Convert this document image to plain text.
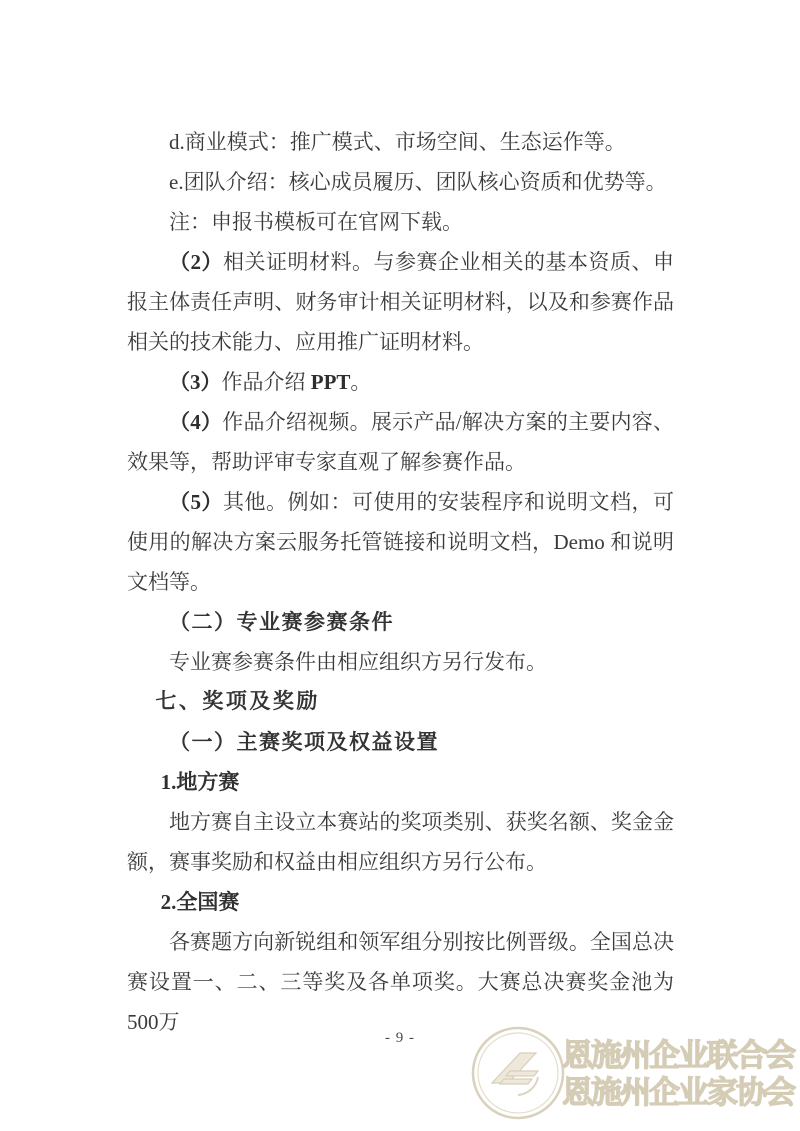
d.商业模式：推广模式、市场空间、生态运作等。

e.团队介绍：核心成员履历、团队核心资质和优势等。

注：申报书模板可在官网下载。

（2）相关证明材料。与参赛企业相关的基本资质、申报主体责任声明、财务审计相关证明材料，以及和参赛作品相关的技术能力、应用推广证明材料。

（3）作品介绍 PPT。

（4）作品介绍视频。展示产品/解决方案的主要内容、效果等，帮助评审专家直观了解参赛作品。

（5）其他。例如：可使用的安装程序和说明文档，可使用的解决方案云服务托管链接和说明文档，Demo 和说明文档等。

（二）专业赛参赛条件

专业赛参赛条件由相应组织方另行发布。

七、奖项及奖励

（一）主赛奖项及权益设置

1.地方赛

地方赛自主设立本赛站的奖项类别、获奖名额、奖金金额，赛事奖励和权益由相应组织方另行公布。

2.全国赛

各赛题方向新锐组和领军组分别按比例晋级。全国总决赛设置一、二、三等奖及各单项奖。大赛总决赛奖金池为500万

- 9 -	恩施州企业联合会
恩施州企业家协会
